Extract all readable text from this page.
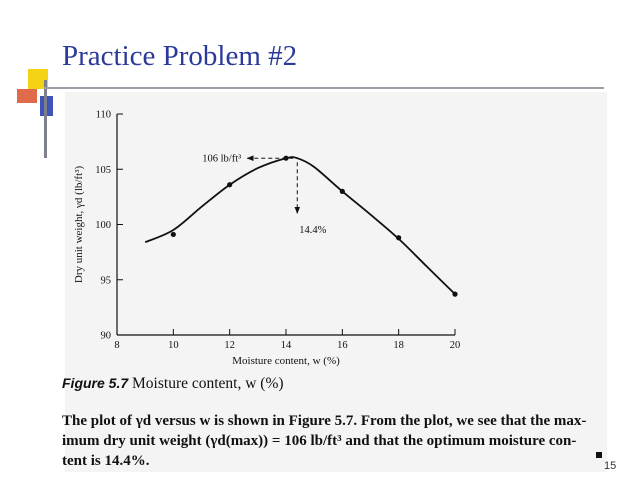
Practice Problem #2
106 lb/ft³
14.4%
90
95
100
105
110
8	10	12	14	16	18	20
Moisture content, w (%)
Dry unit weight, γd (lb/ft³)
Figure 5.7 Moisture content, w (%)
The plot of γd versus w is shown in Figure 5.7. From the plot, we see that the max-
imum dry unit weight (γd(max)) = 106 lb/ft³ and that the optimum moisture con-
tent is 14.4%.	15
